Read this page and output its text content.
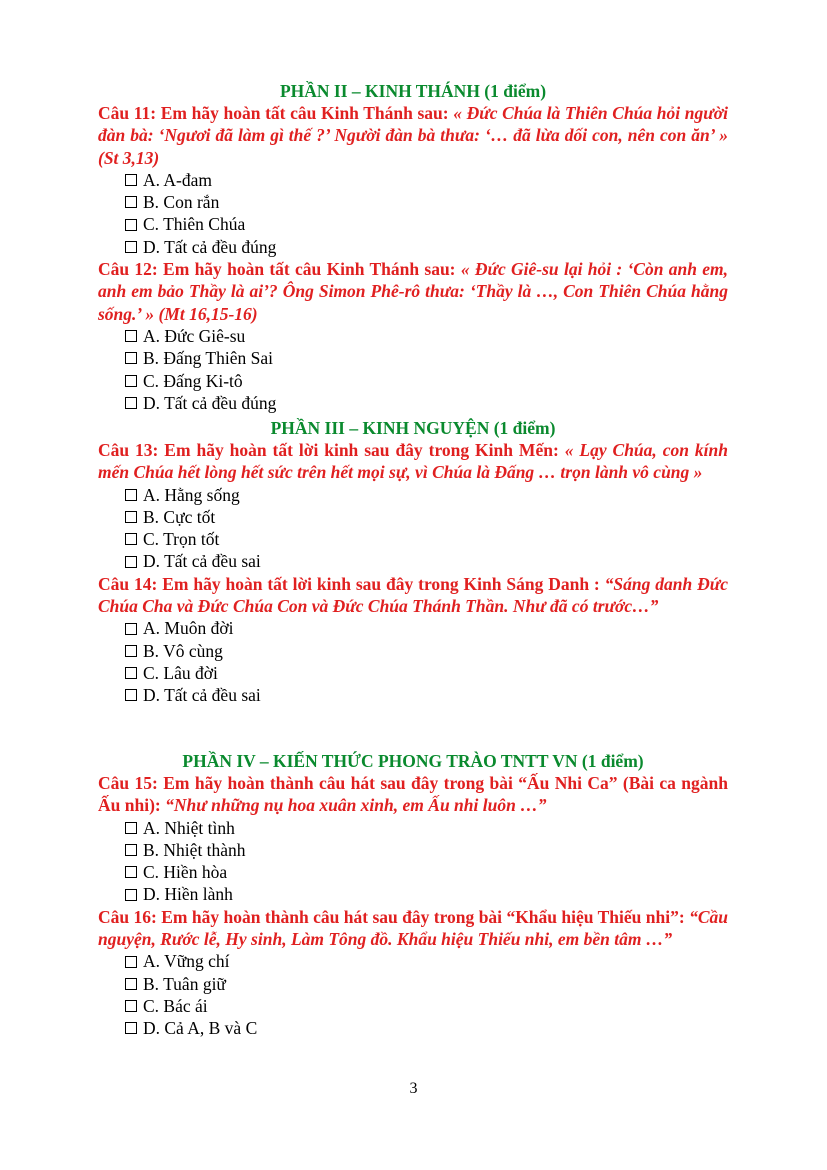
PHẦN II – KINH THÁNH (1 điểm)
Câu 11: Em hãy hoàn tất câu Kinh Thánh sau: « Đức Chúa là Thiên Chúa hỏi người đàn bà: ‘Ngươi đã làm gì thế ?’ Người đàn bà thưa: ‘… đã lừa dối con, nên con ăn’ » (St 3,13)
A. A-đam
B. Con rắn
C. Thiên Chúa
D. Tất cả đều đúng
Câu 12: Em hãy hoàn tất câu Kinh Thánh sau: « Đức Giê-su lại hỏi : ‘Còn anh em, anh em bảo Thầy là ai’? Ông Simon Phê-rô thưa: ‘Thầy là …, Con Thiên Chúa hằng sống.’ » (Mt 16,15-16)
A. Đức Giê-su
B. Đấng Thiên Sai
C. Đấng Ki-tô
D. Tất cả đều đúng
PHẦN III – KINH NGUYỆN (1 điểm)
Câu 13: Em hãy hoàn tất lời kinh sau đây trong Kinh Mến: « Lạy Chúa, con kính mến Chúa hết lòng hết sức trên hết mọi sự, vì Chúa là Đấng … trọn lành vô cùng »
A. Hằng sống
B. Cực tốt
C. Trọn tốt
D. Tất cả đều sai
Câu 14: Em hãy hoàn tất lời kinh sau đây trong Kinh Sáng Danh : “Sáng danh Đức Chúa Cha và Đức Chúa Con và Đức Chúa Thánh Thần. Như đã có trước…”
A. Muôn đời
B. Vô cùng
C. Lâu đời
D. Tất cả đều sai
PHẦN IV – KIẾN THỨC PHONG TRÀO TNTT VN (1 điểm)
Câu 15: Em hãy hoàn thành câu hát sau đây trong bài “Ấu Nhi Ca” (Bài ca ngành Ấu nhi): “Như những nụ hoa xuân xinh, em Ấu nhi luôn …”
A. Nhiệt tình
B. Nhiệt thành
C. Hiền hòa
D. Hiền lành
Câu 16: Em hãy hoàn thành câu hát sau đây trong bài “Khẩu hiệu Thiếu nhi”: “Cầu nguyện, Rước lễ, Hy sinh, Làm Tông đồ. Khẩu hiệu Thiếu nhi, em bền tâm …”
A. Vững chí
B. Tuân giữ
C. Bác ái
D. Cả A, B và C
3
